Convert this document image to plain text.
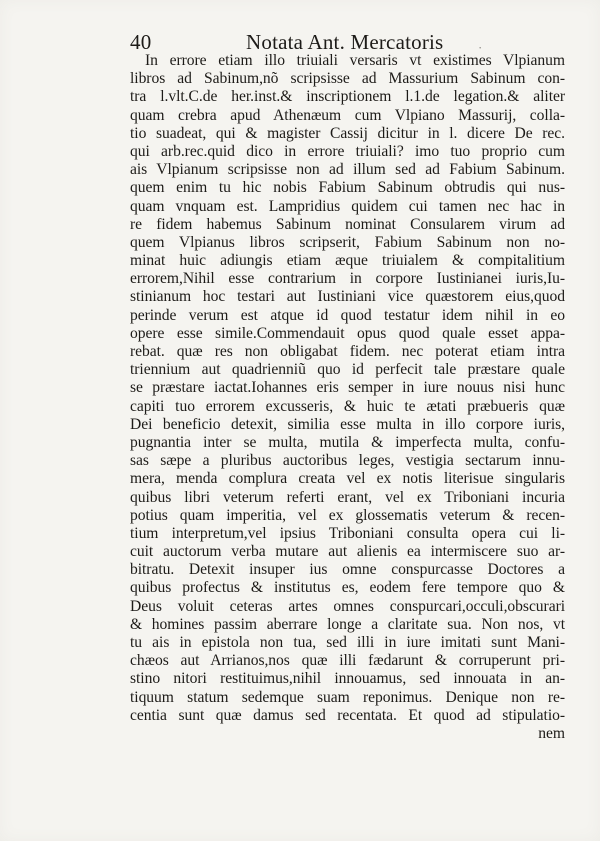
40	Notata Ant. Mercatoris	·
In errore etiam illo triuiali versaris vt existimes Vlpianum
libros ad Sabinum,nõ scripsisse ad Massurium Sabinum con-
tra l.vlt.C.de her.inst.& inscriptionem l.1.de legation.& aliter
quam crebra apud Athenæum cum Vlpiano Massurij, colla-
tio suadeat, qui & magister Cassij dicitur in l. dicere De rec.
qui arb.rec.quid dico in errore triuiali? imo tuo proprio cum
ais Vlpianum scripsisse non ad illum sed ad Fabium Sabinum.
quem enim tu hic nobis Fabium Sabinum obtrudis qui nus-
quam vnquam est. Lampridius quidem cui tamen nec hac in
re fidem habemus Sabinum nominat Consularem virum ad
quem Vlpianus libros scripserit, Fabium Sabinum non no-
minat huic adiungis etiam æque triuialem & compitalitium
errorem,Nihil esse contrarium in corpore Iustinianei iuris,Iu-
stinianum hoc testari aut Iustiniani vice quæstorem eius,quod
perinde verum est atque id quod testatur idem nihil in eo
opere esse simile.Commendauit opus quod quale esset appa-
rebat. quæ res non obligabat fidem. nec poterat etiam intra
triennium aut quadrienniũ quo id perfecit tale præstare quale
se præstare iactat.Iohannes eris semper in iure nouus nisi hunc
capiti tuo errorem excusseris, & huic te ætati præbueris quæ
Dei beneficio detexit, similia esse multa in illo corpore iuris,
pugnantia inter se multa, mutila & imperfecta multa, confu-
sas sæpe a pluribus auctoribus leges, vestigia sectarum innu-
mera, menda complura creata vel ex notis literisue singularis
quibus libri veterum referti erant, vel ex Triboniani incuria
potius quam imperitia, vel ex glossematis veterum & recen-
tium interpretum,vel ipsius Triboniani consulta opera cui li-
cuit auctorum verba mutare aut alienis ea intermiscere suo ar-
bitratu. Detexit insuper ius omne conspurcasse Doctores a
quibus profectus & institutus es, eodem fere tempore quo &
Deus voluit ceteras artes omnes conspurcari,occuli,obscurari
& homines passim aberrare longe a claritate sua. Non nos, vt
tu ais in epistola non tua, sed illi in iure imitati sunt Mani-
chæos aut Arrianos,nos quæ illi fædarunt & corruperunt pri-
stino nitori restituimus,nihil innouamus, sed innouata in an-
tiquum statum sedemque suam reponimus. Denique non re-
centia sunt quæ damus sed recentata. Et quod ad stipulatio-
nem
